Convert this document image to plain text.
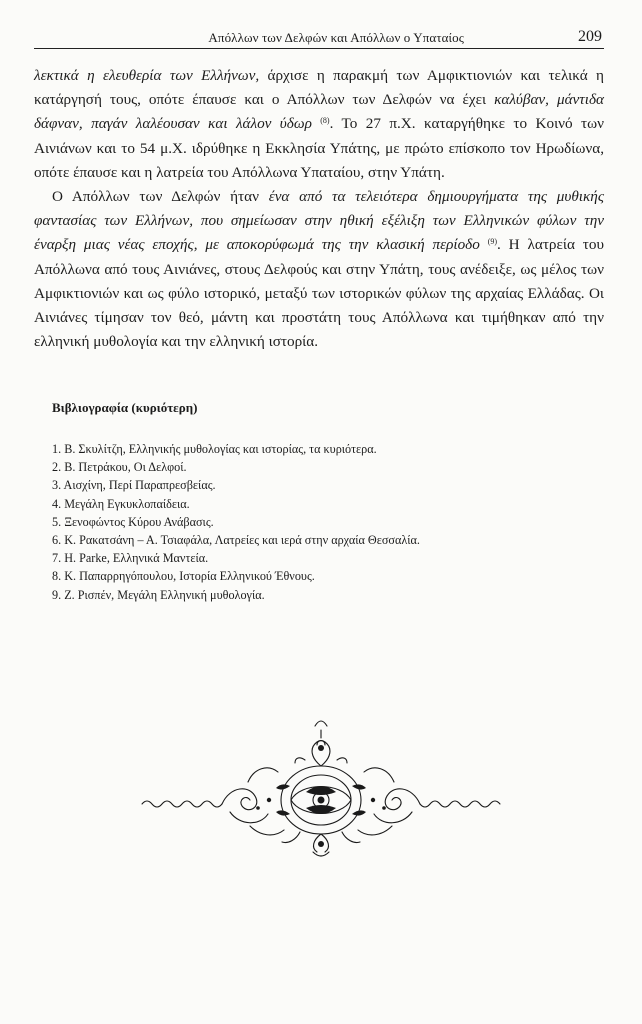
Απόλλων των Δελφών και Απόλλων ο Υπαταίος	209

λεκτικά η ελευθερία των Ελλήνων, άρχισε η παρακμή των Αμφικτιονιών και τελικά η κατάργησή τους, οπότε έπαυσε και ο Απόλλων των Δελφών να έχει καλύβαν, μάντιδα δάφναν, παγάν λαλέουσαν και λάλον ύδωρ $^{(8)}$. Το 27 π.Χ. καταργήθηκε το Κοινό των Αινιάνων και το 54 μ.Χ. ιδρύθηκε η Εκκλησία Υπάτης, με πρώτο επίσκοπο τον Ηρωδίωνα, οπότε έπαυσε και η λατρεία του Απόλλωνα Υπαταίου, στην Υπάτη.

Ο Απόλλων των Δελφών ήταν ένα από τα τελειότερα δημιουργήματα της μυθικής φαντασίας των Ελλήνων, που σημείωσαν στην ηθική εξέλιξη των Ελληνικών φύλων την έναρξη μιας νέας εποχής, με αποκορύφωμά της την κλασική περίοδο $^{(9)}$. Η λατρεία του Απόλλωνα από τους Αινιάνες, στους Δελφούς και στην Υπάτη, τους ανέδειξε, ως μέλος των Αμφικτιονιών και ως φύλο ιστορικό, μεταξύ των ιστορικών φύλων της αρχαίας Ελλάδας. Οι Αινιάνες τίμησαν τον θεό, μάντη και προστάτη τους Απόλλωνα και τιμήθηκαν από την ελληνική μυθολογία και την ελληνική ιστορία.

Βιβλιογραφία (κυριότερη)
1. Β. Σκυλίτζη, Ελληνικής μυθολογίας και ιστορίας, τα κυριότερα.
2. Β. Πετράκου, Οι Δελφοί.
3. Αισχίνη, Περί Παραπρεσβείας.
4. Μεγάλη Εγκυκλοπαίδεια.
5. Ξενοφώντος Κύρου Ανάβασις.
6. Κ. Ρακατσάνη – Α. Τσιαφάλα, Λατρείες και ιερά στην αρχαία Θεσσαλία.
7. Η. Parke, Ελληνικά Μαντεία.
8. Κ. Παπαρρηγόπουλου, Ιστορία Ελληνικού Έθνους.
9. Ζ. Ρισπέν, Μεγάλη Ελληνική μυθολογία.
